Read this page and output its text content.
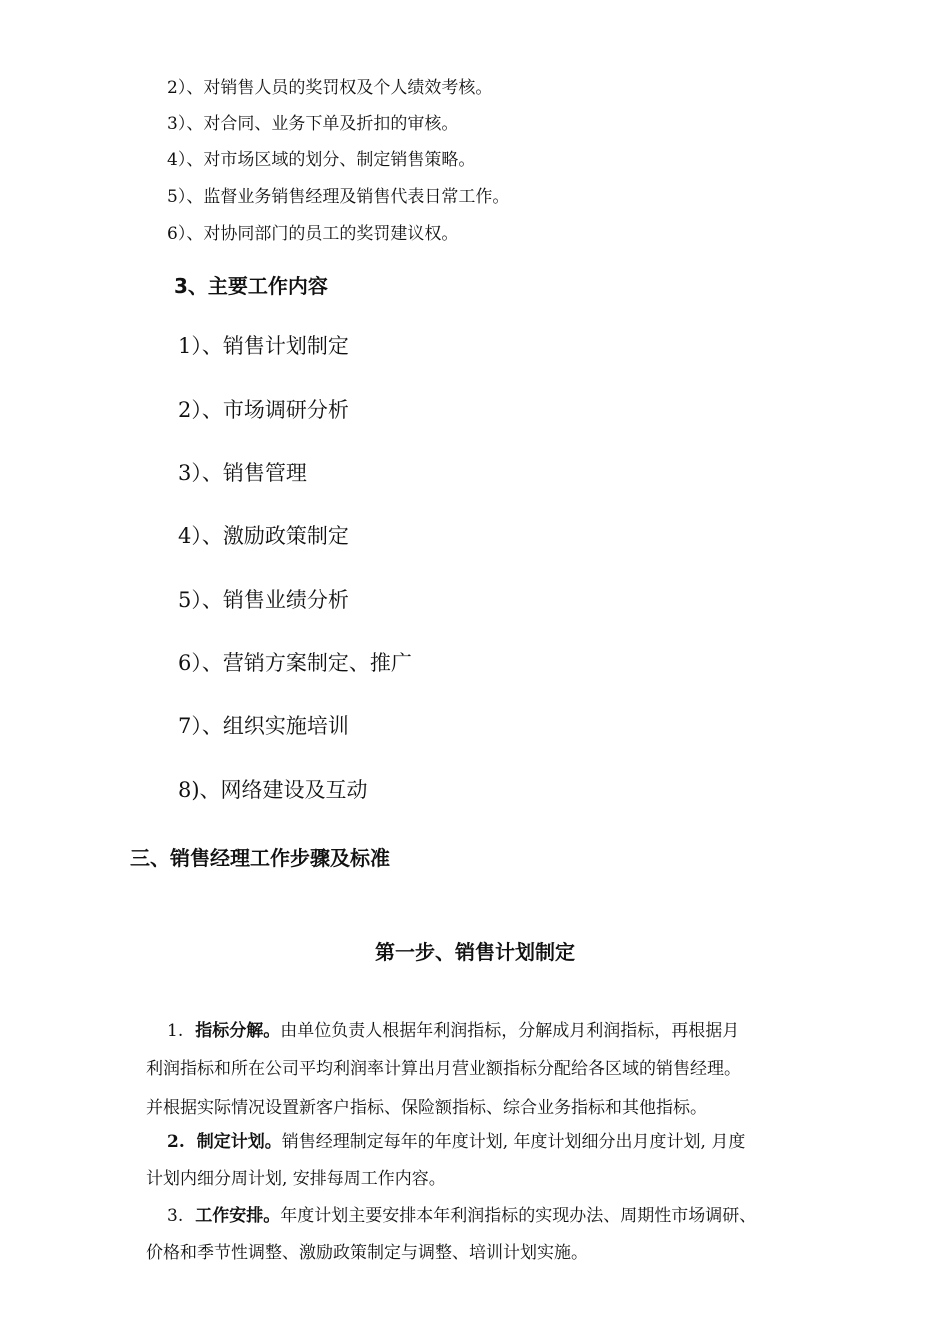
2）、对销售人员的奖罚权及个人绩效考核。
3）、对合同、业务下单及折扣的审核。
4）、对市场区域的划分、制定销售策略。
5）、监督业务销售经理及销售代表日常工作。
6）、对协同部门的员工的奖罚建议权。
3、主要工作内容
1）、销售计划制定
2）、市场调研分析
3）、销售管理
4）、激励政策制定
5）、销售业绩分析
6）、营销方案制定、推广
7）、组织实施培训
8)、网络建设及互动
三、销售经理工作步骤及标准
第一步、销售计划制定
1. 指标分解。由单位负责人根据年利润指标，分解成月利润指标，再根据月
利润指标和所在公司平均利润率计算出月营业额指标分配给各区域的销售经理。
并根据实际情况设置新客户指标、保险额指标、综合业务指标和其他指标。
2. 制定计划。销售经理制定每年的年度计划, 年度计划细分出月度计划, 月度
计划内细分周计划, 安排每周工作内容。
3. 工作安排。年度计划主要安排本年利润指标的实现办法、周期性市场调研、
价格和季节性调整、激励政策制定与调整、培训计划实施。
